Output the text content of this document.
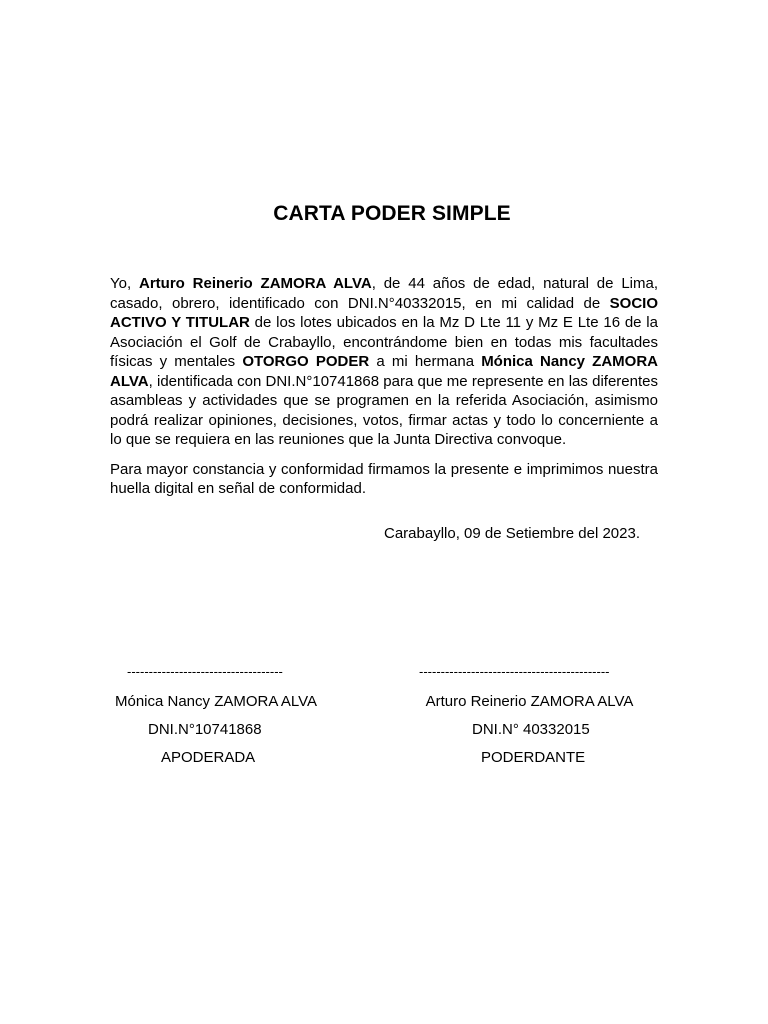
CARTA PODER SIMPLE

Yo, Arturo Reinerio ZAMORA ALVA, de 44 años de edad, natural de Lima, casado, obrero, identificado con DNI.N°40332015, en mi calidad de SOCIO ACTIVO Y TITULAR de los lotes ubicados en la Mz D Lte 11 y Mz E Lte 16 de la Asociación el Golf de Crabayllo, encontrándome bien en todas mis facultades físicas y mentales OTORGO PODER a mi hermana Mónica Nancy ZAMORA ALVA, identificada con DNI.N°10741868 para que me represente en las diferentes asambleas y actividades que se programen en la referida Asociación, asimismo podrá realizar opiniones, decisiones, votos, firmar actas y todo lo concerniente a lo que se requiera en las reuniones que la Junta Directiva convoque.

Para mayor constancia y conformidad firmamos la presente e imprimimos nuestra huella digital en señal de conformidad.

Carabayllo, 09 de Setiembre del 2023.

------------------------------------	--------------------------------------------
Mónica Nancy ZAMORA ALVA
DNI.N°10741868
APODERADA
Arturo Reinerio ZAMORA ALVA
DNI.N° 40332015
PODERDANTE
